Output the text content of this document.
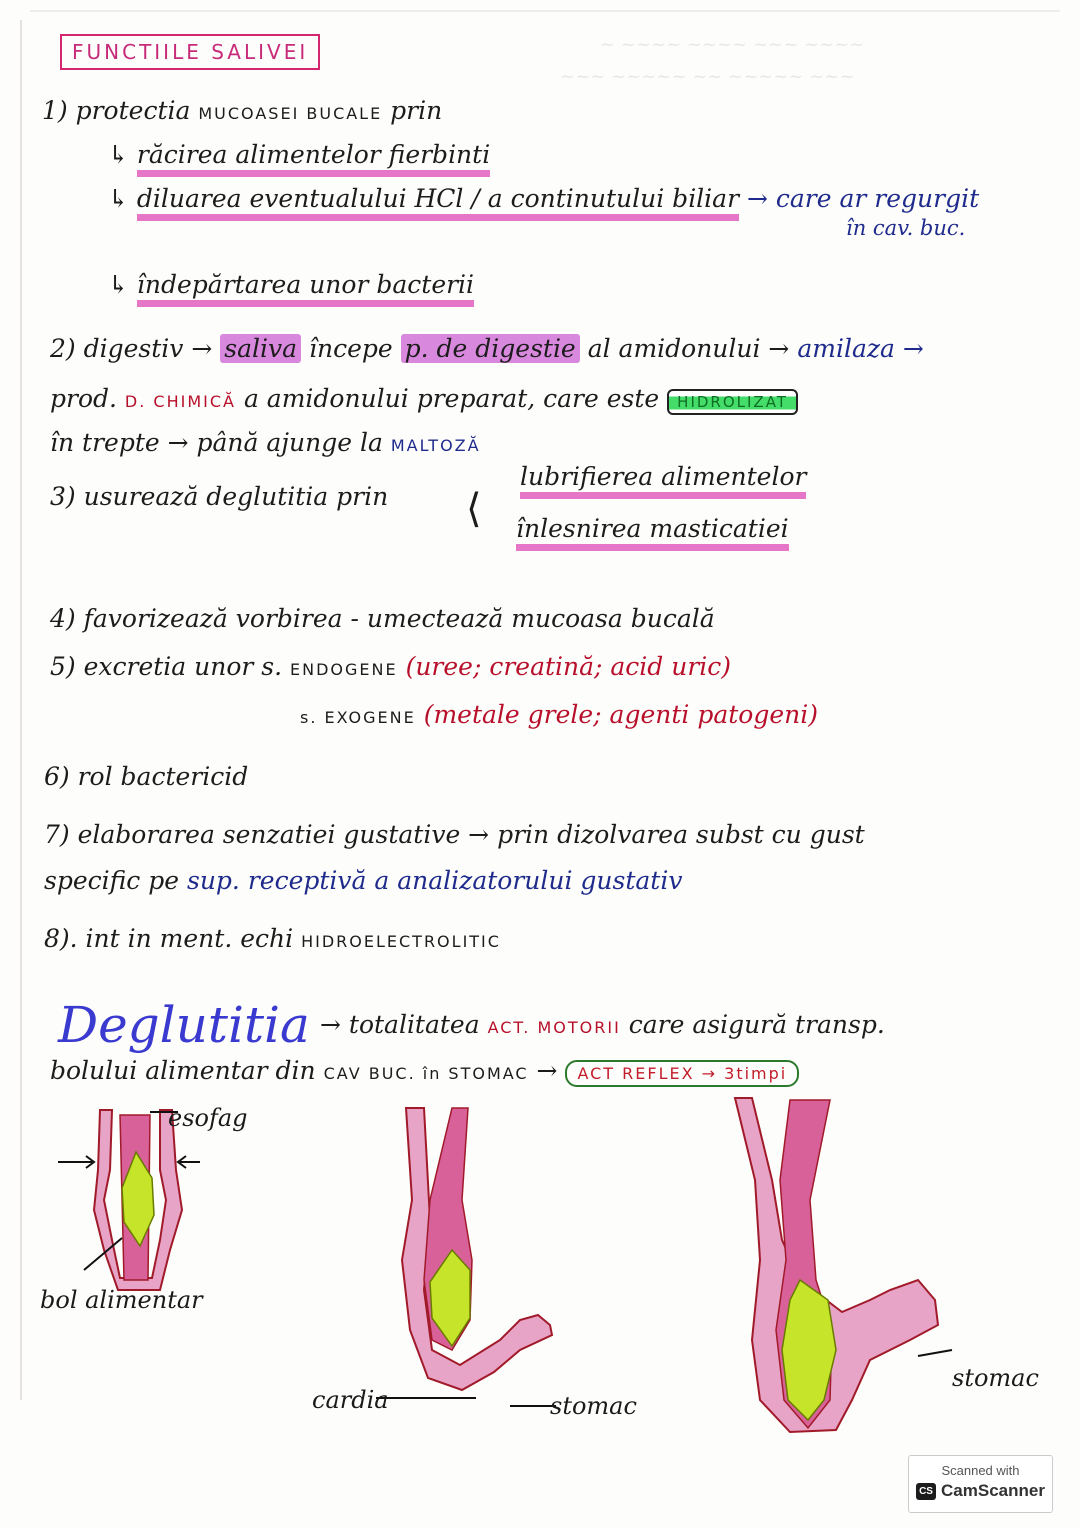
~ ~~~~ ~~~~ ~~~ ~~~~
~~~ ~~~~~ ~~ ~~~~~ ~~~
FUNCTIILE SALIVEI
1) protectia MUCOASEI BUCALE prin
↳ răcirea alimentelor fierbinti
↳ diluarea eventualului HCl / a continutului biliar → care ar regurgit
în cav. buc.
↳ îndepărtarea unor bacterii
2) digestiv → saliva începe p. de digestie al amidonului → amilaza →
prod. D. CHIMICĂ a amidonului preparat, care este HIDROLIZAT
în trepte → până ajunge la MALTOZĂ
3) usurează deglutitia prin ⟨
lubrifierea alimentelor
înlesnirea masticatiei
4) favorizează vorbirea - umectează mucoasa bucală
5) excretia unor s. ENDOGENE (uree; creatină; acid uric)
s. EXOGENE (metale grele; agenti patogeni)
6) rol bactericid
7) elaborarea senzatiei gustative → prin dizolvarea subst cu gust
specific pe sup. receptivă a analizatorului gustativ
8). int in ment. echi HIDROELECTROLITIC
Deglutitia → totalitatea ACT. MOTORII care asigură transp.
bolului alimentar din CAV BUC. în STOMAC → ACT REFLEX → 3timpi
esofag
bol alimentar
cardia	stomac
stomac
Scanned with
CS CamScanner
